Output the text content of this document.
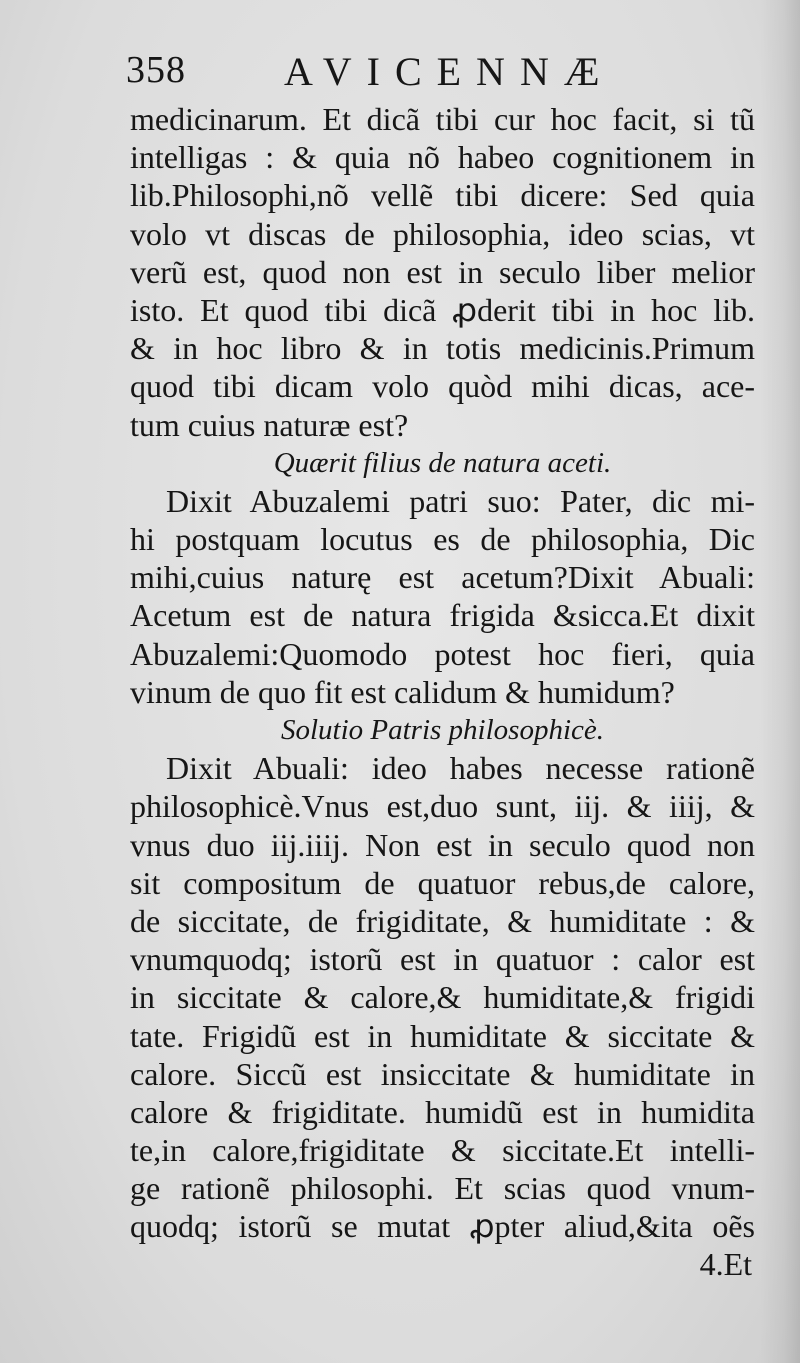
358 AVICENNÆ
medicinarum. Et dicã tibi cur hoc facit, si tũ
intelligas : & quia nõ habeo cognitionem in
lib.Philosophi,nõ vellẽ tibi dicere: Sed quia
volo vt discas de philosophia, ideo scias, vt
verũ est, quod non est in seculo liber melior
isto. Et quod tibi dicã ꝓderit tibi in hoc lib.
& in hoc libro & in totis medicinis.Primum
quod tibi dicam volo quòd mihi dicas, ace-
tum cuius naturæ est?
Quærit filius de natura aceti.
Dixit Abuzalemi patri suo: Pater, dic mi-
hi postquam locutus es de philosophia, Dic
mihi,cuius naturę est acetum?Dixit Abuali:
Acetum est de natura frigida &sicca.Et dixit
Abuzalemi:Quomodo potest hoc fieri, quia
vinum de quo fit est calidum & humidum?
Solutio Patris philosophicè.
Dixit Abuali: ideo habes necesse rationẽ
philosophicè.Vnus est,duo sunt, iij. & iiij, &
vnus duo iij.iiij. Non est in seculo quod non
sit compositum de quatuor rebus,de calore,
de siccitate, de frigiditate, & humiditate : &
vnumquodq; istorũ est in quatuor : calor est
in siccitate & calore,& humiditate,& frigidi
tate. Frigidũ est in humiditate & siccitate &
calore. Siccũ est insiccitate & humiditate in
calore & frigiditate. humidũ est in humidita
te,in calore,frigiditate & siccitate.Et intelli-
ge rationẽ philosophi. Et scias quod vnum-
quodq; istorũ se mutat ꝓpter aliud,&ita oẽs
4.Et
